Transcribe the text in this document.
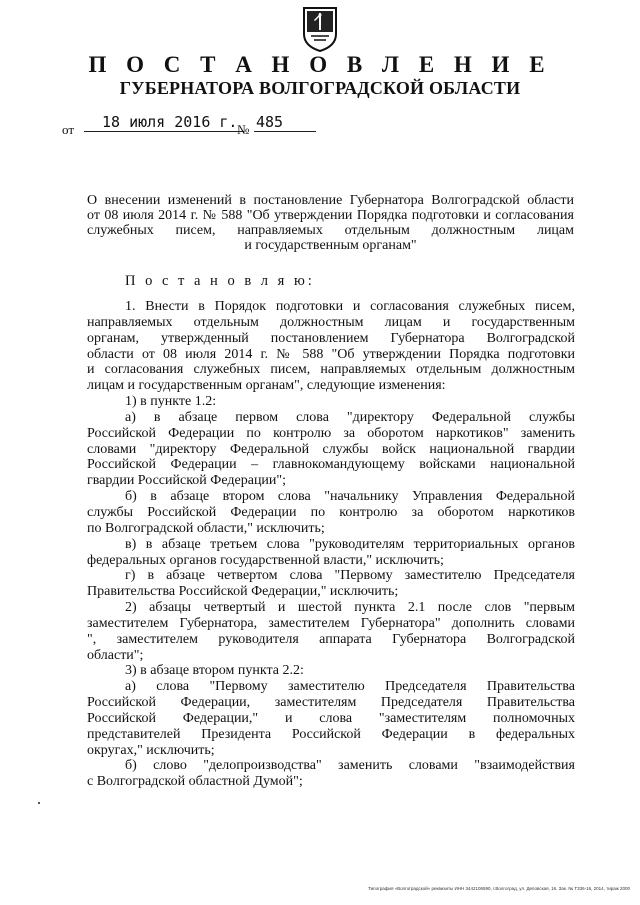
П О С Т А Н О В Л Е Н И Е
ГУБЕРНАТОРА ВОЛГОГРАДСКОЙ ОБЛАСТИ
от	18 июля 2016 г. № 485
О внесении изменений в постановление Губернатора Волгоградской области
от 08 июля 2014 г. № 588 "Об утверждении Порядка подготовки и согласования
служебных писем, направляемых отдельным должностным лицам
и государственным органам"
П о с т а н о в л я ю:
1. Внести в Порядок подготовки и согласования служебных писем,
направляемых отдельным должностным лицам и государственным
органам, утвержденный постановлением Губернатора Волгоградской
области от 08 июля 2014 г. № 588 "Об утверждении Порядка подготовки
и согласования служебных писем, направляемых отдельным должностным
лицам и государственным органам", следующие изменения:
1) в пункте 1.2:
а) в абзаце первом слова "директору Федеральной службы
Российской Федерации по контролю за оборотом наркотиков" заменить
словами "директору Федеральной службы войск национальной гвардии
Российской Федерации – главнокомандующему войсками национальной
гвардии Российской Федерации";
б) в абзаце втором слова "начальнику Управления Федеральной
службы Российской Федерации по контролю за оборотом наркотиков
по Волгоградской области," исключить;
в) в абзаце третьем слова "руководителям территориальных органов
федеральных органов государственной власти," исключить;
г) в абзаце четвертом слова "Первому заместителю Председателя
Правительства Российской Федерации," исключить;
2) абзацы четвертый и шестой пункта 2.1 после слов "первым
заместителем Губернатора, заместителем Губернатора" дополнить словами
", заместителем руководителя аппарата Губернатора Волгоградской
области";
3) в абзаце втором пункта 2.2:
а) слова "Первому заместителю Председателя Правительства
Российской Федерации, заместителям Председателя Правительства
Российской Федерации," и слова "заместителям полномочных
представителей Президента Российской Федерации в федеральных
округах," исключить;
б) слово "делопроизводства" заменить словами "взаимодействия
с Волгоградской областной Думой";
Типография «Волгоградской» реквизиты ИНН 3442106590, г.Волгоград, ул. Деповская, 16. Зак. № Т336-16, 2014, тираж 2000
